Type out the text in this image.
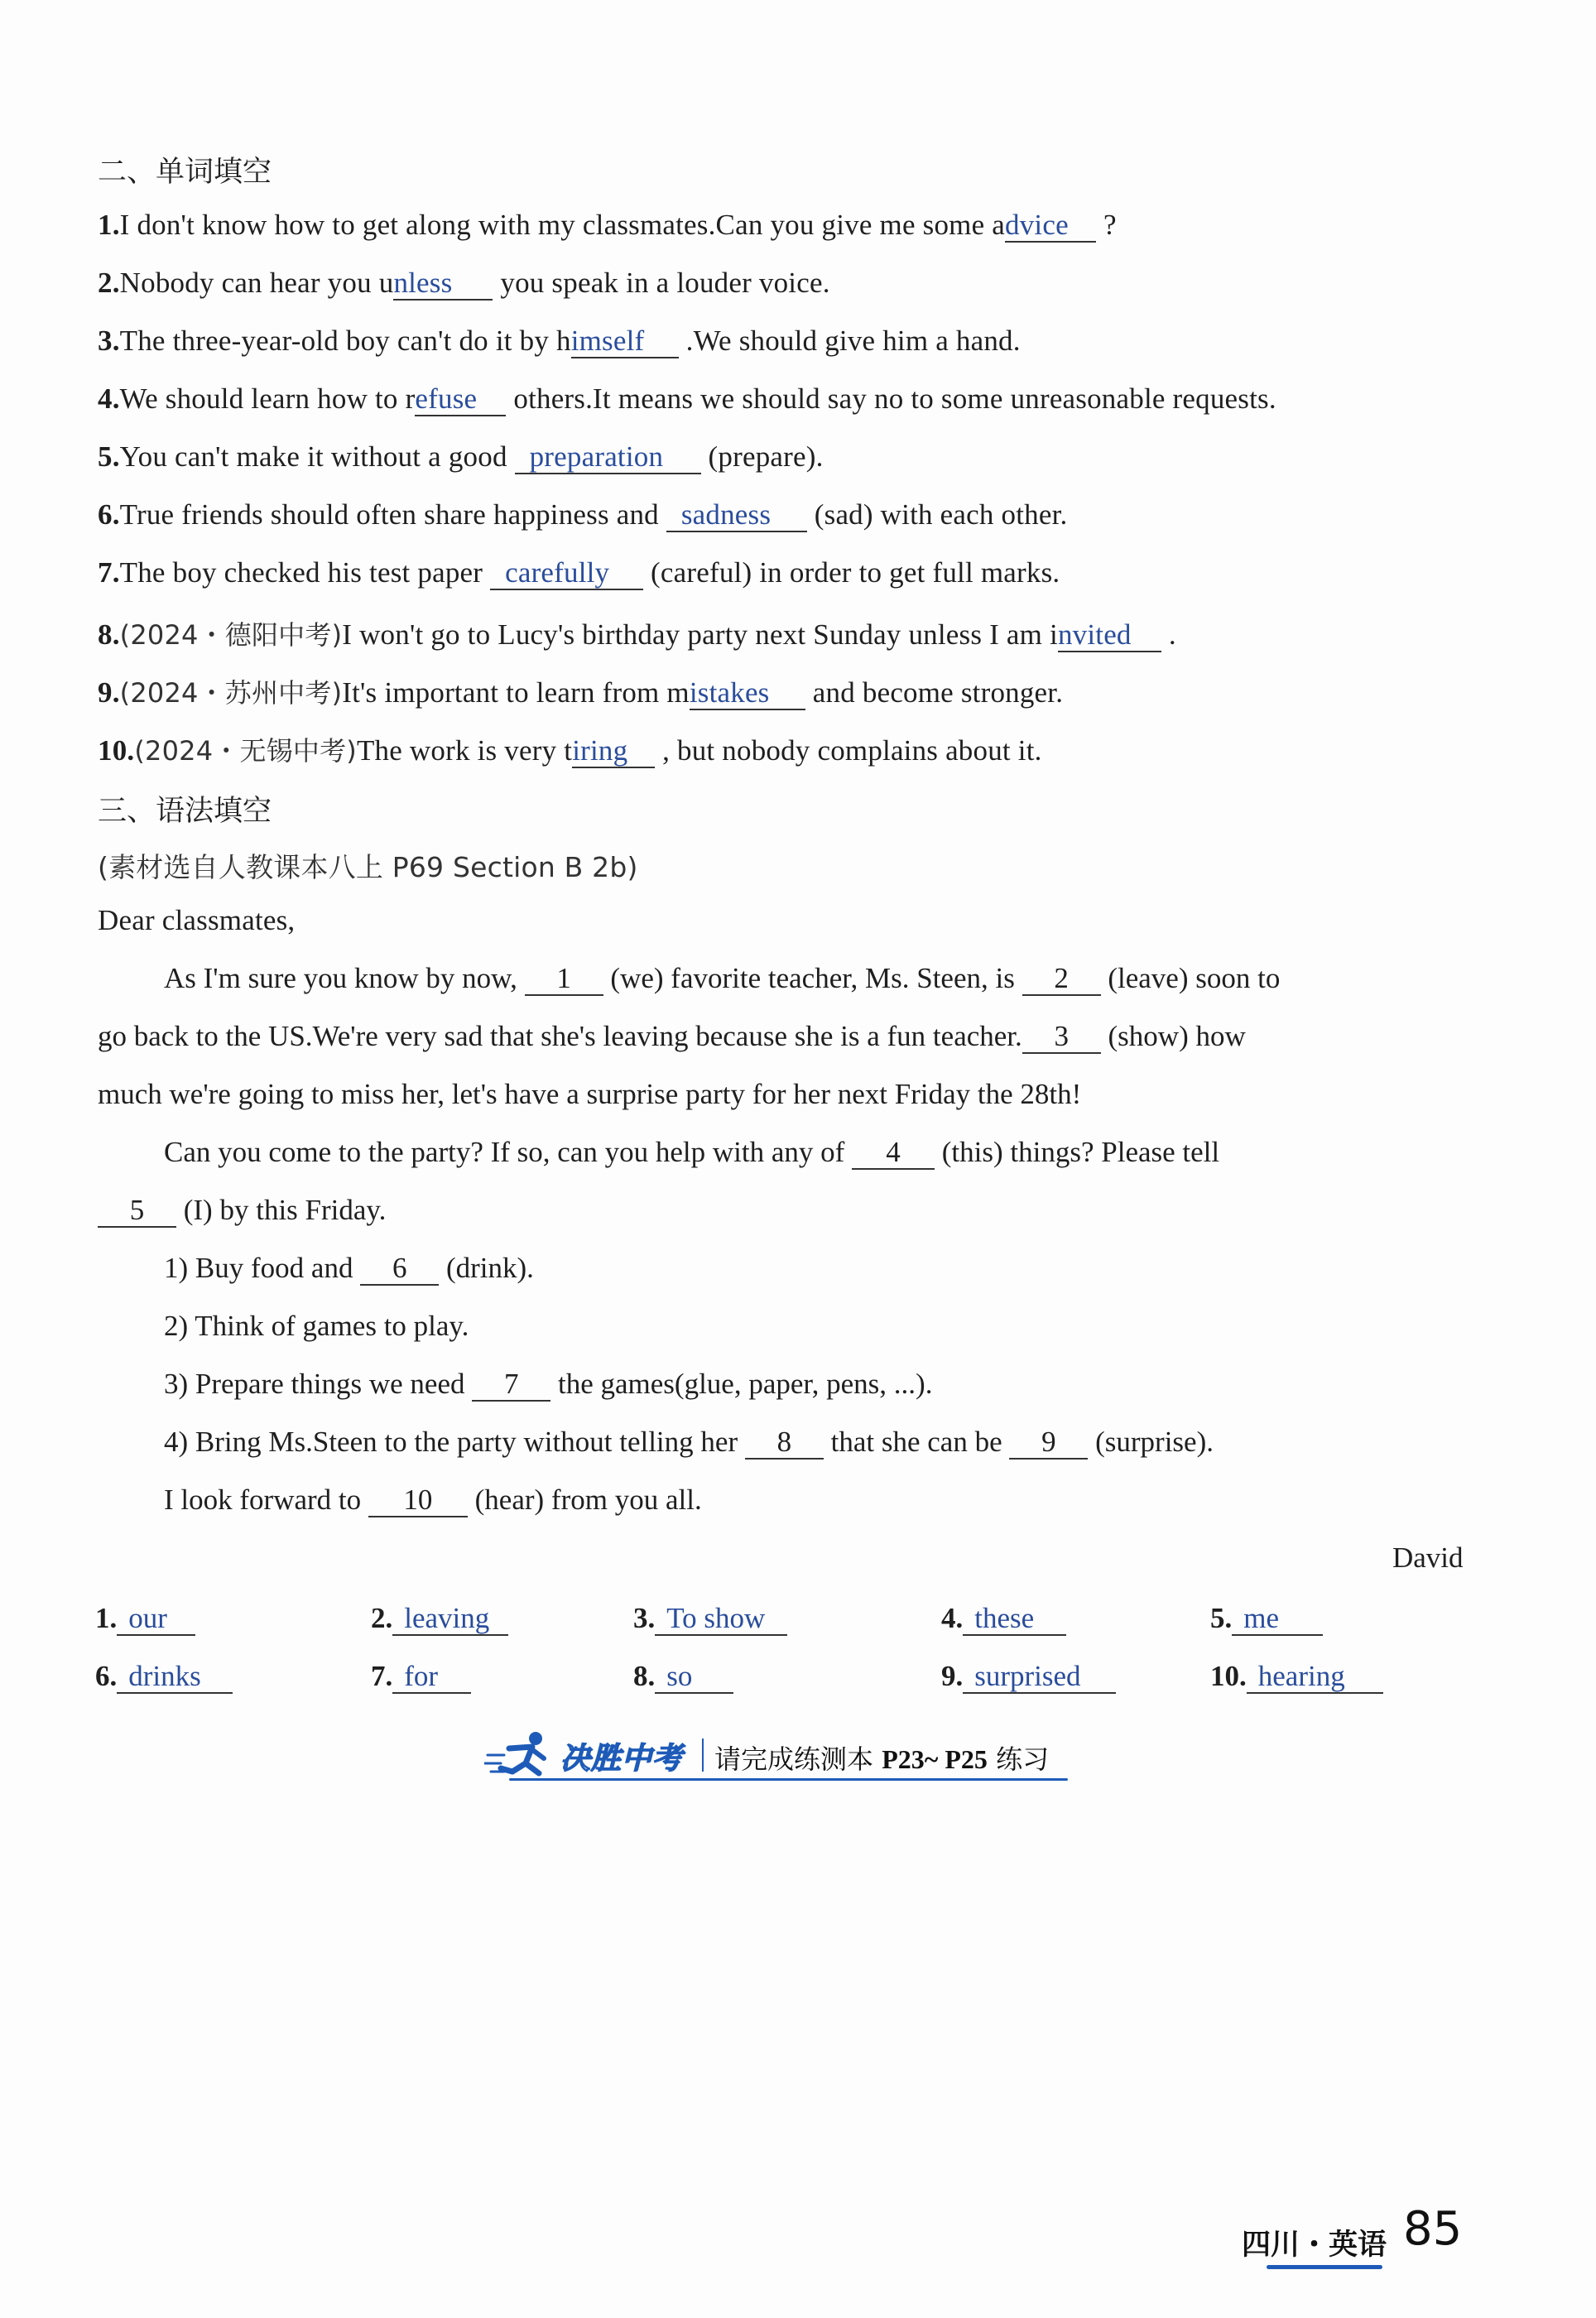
二、单词填空
1.I don't know how to get along with my classmates.Can you give me some advice ?
2.Nobody can hear you unless you speak in a louder voice.
3.The three-year-old boy can't do it by himself .We should give him a hand.
4.We should learn how to refuse others.It means we should say no to some unreasonable requests.
5.You can't make it without a good preparation (prepare).
6.True friends should often share happiness and sadness (sad) with each other.
7.The boy checked his test paper carefully (careful) in order to get full marks.
8.(2024・德阳中考)I won't go to Lucy's birthday party next Sunday unless I am invited .
9.(2024・苏州中考)It's important to learn from mistakes and become stronger.
10.(2024・无锡中考)The work is very tiring , but nobody complains about it.
三、语法填空
(素材选自人教课本八上 P69 Section B 2b)
Dear classmates,
As I'm sure you know by now, 1 (we) favorite teacher, Ms. Steen, is 2 (leave) soon to
go back to the US.We're very sad that she's leaving because she is a fun teacher. 3 (show) how
much we're going to miss her, let's have a surprise party for her next Friday the 28th!
Can you come to the party? If so, can you help with any of 4 (this) things? Please tell
5 (I) by this Friday.
1) Buy food and 6 (drink).
2) Think of games to play.
3) Prepare things we need 7 the games(glue, paper, pens, ...).
4) Bring Ms.Steen to the party without telling her 8 that she can be 9 (surprise).
I look forward to 10 (hear) from you all.
David
1. our	2. leaving	3. To show	4. these	5. me
6. drinks	7. for	8. so	9. surprised	10. hearing
决胜中考 请完成练测本 P23~ P25 练习
四川・英语 85
